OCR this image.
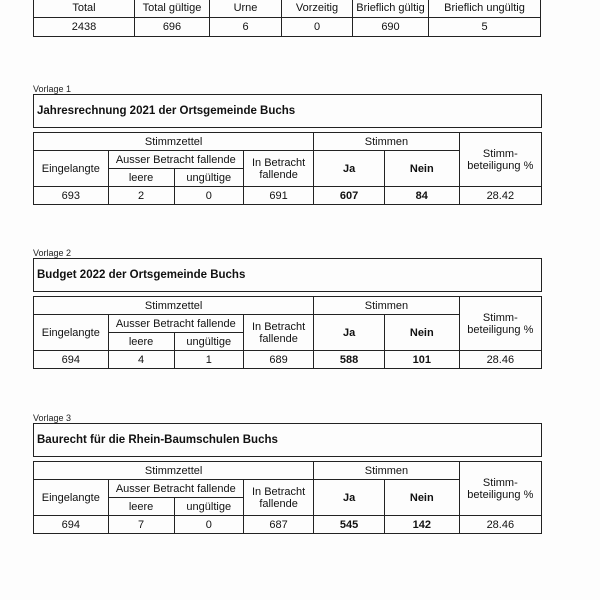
Total	Total gültige	Urne	Vorzeitig	Brieflich gültig	Brieflich ungültig
2438	696	6	0	690	5
Vorlage 1
Jahresrechnung 2021 der Ortsgemeinde Buchs
Stimmzettel				Stimmen		Stimm-beteiligung %
Eingelangte	Ausser Betracht fallende		In Betracht fallende	Ja	Nein	
	leere	ungültige				
693	2	0	691	607	84	28.42
Vorlage 2
Budget 2022 der Ortsgemeinde Buchs
Stimmzettel				Stimmen		Stimm-beteiligung %
Eingelangte	Ausser Betracht fallende		In Betracht fallende	Ja	Nein	
	leere	ungültige				
694	4	1	689	588	101	28.46
Vorlage 3
Baurecht für die Rhein-Baumschulen Buchs
Stimmzettel				Stimmen		Stimm-beteiligung %
Eingelangte	Ausser Betracht fallende		In Betracht fallende	Ja	Nein	
	leere	ungültige				
694	7	0	687	545	142	28.46
